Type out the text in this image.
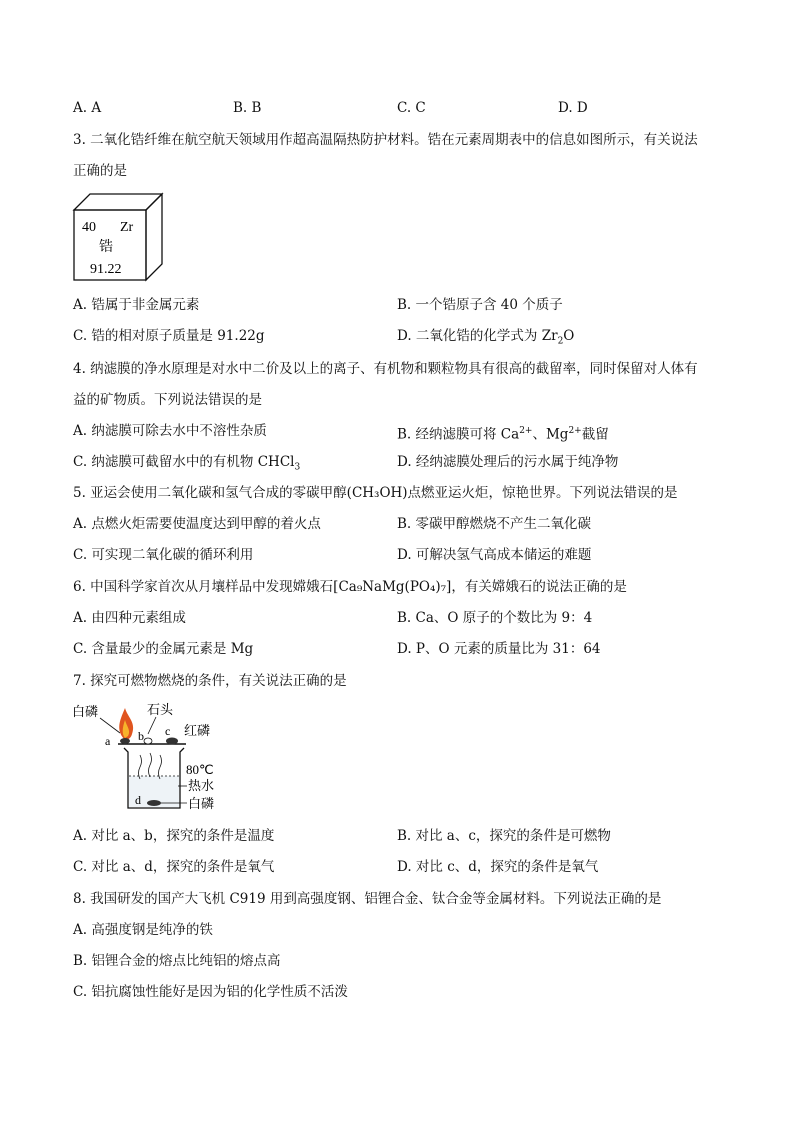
A. A	B. B	C. C	D. D
3. 二氧化锆纤维在航空航天领域用作超高温隔热防护材料。锆在元素周期表中的信息如图所示，有关说法
正确的是
40 Zr
锆
91.22
A. 锆属于非金属元素	B. 一个锆原子含 40 个质子
C. 锆的相对原子质量是 91.22g	D. 二氧化锆的化学式为 $Zr_2O$
4. 纳滤膜的净水原理是对水中二价及以上的离子、有机物和颗粒物具有很高的截留率，同时保留对人体有
益的矿物质。下列说法错误的是
A. 纳滤膜可除去水中不溶性杂质	B. 经纳滤膜可将 $Ca^{2+}$、$Mg^{2+}$截留
C. 纳滤膜可截留水中的有机物 CHCl$_3$	D. 经纳滤膜处理后的污水属于纯净物
5. 亚运会使用二氧化碳和氢气合成的零碳甲醇(CH₃OH)点燃亚运火炬，惊艳世界。下列说法错误的是
A. 点燃火炬需要使温度达到甲醇的着火点	B. 零碳甲醇燃烧不产生二氧化碳
C. 可实现二氧化碳的循环利用	D. 可解决氢气高成本储运的难题
6. 中国科学家首次从月壤样品中发现嫦娥石[Ca₉NaMg(PO₄)₇]，有关嫦娥石的说法正确的是
A. 由四种元素组成	B. Ca、O 原子的个数比为 9：4
C. 含量最少的金属元素是 Mg	D. P、O 元素的质量比为 31：64
7. 探究可燃物燃烧的条件，有关说法正确的是
白磷	石头
红磷
a b c
d
80℃
热水
白磷
A. 对比 a、b，探究的条件是温度	B. 对比 a、c，探究的条件是可燃物
C. 对比 a、d，探究的条件是氧气	D. 对比 c、d，探究的条件是氧气
8. 我国研发的国产大飞机 C919 用到高强度钢、铝锂合金、钛合金等金属材料。下列说法正确的是
A. 高强度钢是纯净的铁
B. 铝锂合金的熔点比纯铝的熔点高
C. 铝抗腐蚀性能好是因为铝的化学性质不活泼
